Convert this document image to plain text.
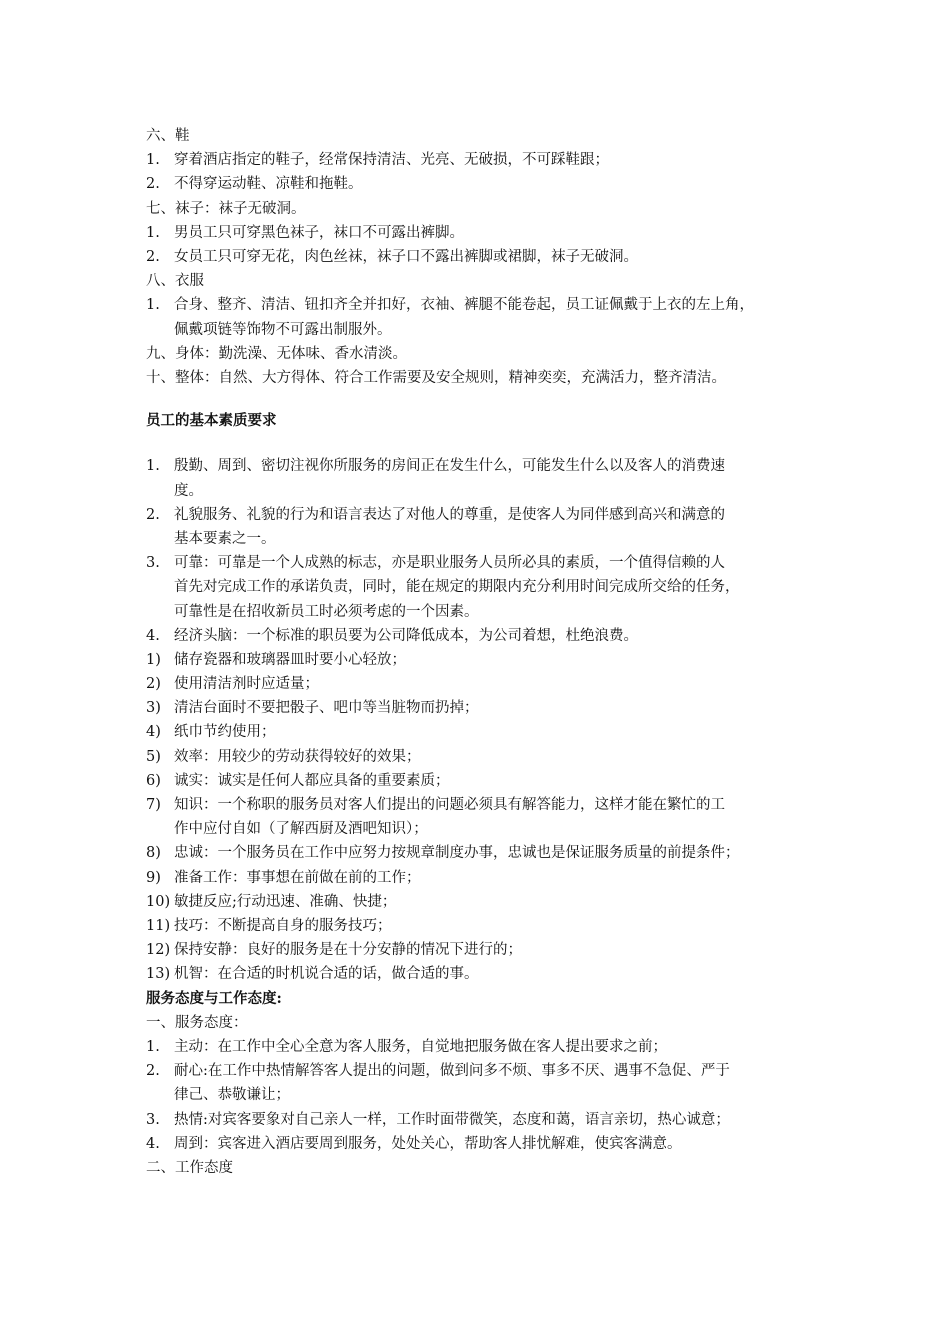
六、鞋
1. 穿着酒店指定的鞋子，经常保持清洁、光亮、无破损，不可踩鞋跟；
2. 不得穿运动鞋、凉鞋和拖鞋。
七、袜子：袜子无破洞。
1. 男员工只可穿黑色袜子，袜口不可露出裤脚。
2. 女员工只可穿无花，肉色丝袜，袜子口不露出裤脚或裙脚，袜子无破洞。
八、衣服
1. 合身、整齐、清洁、钮扣齐全并扣好，衣袖、裤腿不能卷起，员工证佩戴于上衣的左上角，
佩戴项链等饰物不可露出制服外。
九、身体：勤洗澡、无体味、香水清淡。
十、整体：自然、大方得体、符合工作需要及安全规则，精神奕奕，充满活力，整齐清洁。
员工的基本素质要求
1. 殷勤、周到、密切注视你所服务的房间正在发生什么，可能发生什么以及客人的消费速
度。
2. 礼貌服务、礼貌的行为和语言表达了对他人的尊重，是使客人为同伴感到高兴和满意的
基本要素之一。
3. 可靠：可靠是一个人成熟的标志，亦是职业服务人员所必具的素质，一个值得信赖的人
首先对完成工作的承诺负责，同时，能在规定的期限内充分利用时间完成所交给的任务，
可靠性是在招收新员工时必须考虑的一个因素。
4. 经济头脑：一个标准的职员要为公司降低成本，为公司着想，杜绝浪费。
1) 储存瓷器和玻璃器皿时要小心轻放；
2) 使用清洁剂时应适量；
3) 清洁台面时不要把骰子、吧巾等当脏物而扔掉；
4) 纸巾节约使用；
5) 效率：用较少的劳动获得较好的效果；
6) 诚实：诚实是任何人都应具备的重要素质；
7) 知识：一个称职的服务员对客人们提出的问题必须具有解答能力，这样才能在繁忙的工
作中应付自如（了解西厨及酒吧知识）；
8) 忠诚：一个服务员在工作中应努力按规章制度办事，忠诚也是保证服务质量的前提条件；
9) 准备工作：事事想在前做在前的工作；
10) 敏捷反应;行动迅速、准确、快捷；
11) 技巧：不断提高自身的服务技巧；
12) 保持安静：良好的服务是在十分安静的情况下进行的；
13) 机智：在合适的时机说合适的话，做合适的事。
服务态度与工作态度:
一、服务态度：
1. 主动：在工作中全心全意为客人服务，自觉地把服务做在客人提出要求之前；
2. 耐心:在工作中热情解答客人提出的问题，做到问多不烦、事多不厌、遇事不急促、严于
律己、恭敬谦让；
3. 热情:对宾客要象对自己亲人一样，工作时面带微笑，态度和蔼，语言亲切，热心诚意；
4. 周到：宾客进入酒店要周到服务，处处关心，帮助客人排忧解难，使宾客满意。
二、工作态度
